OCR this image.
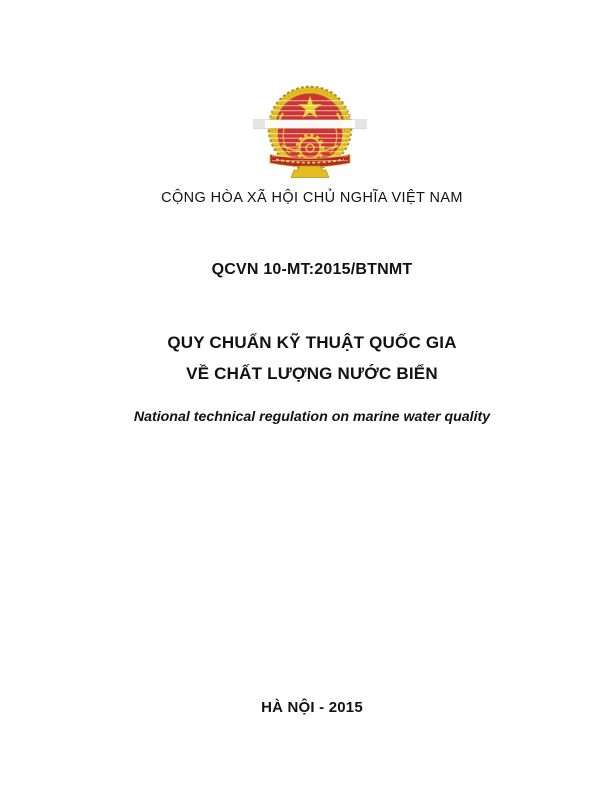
CỘNG HÒA XÃ HỘI CHỦ NGHĨA VIỆT NAM
QCVN 10-MT:2015/BTNMT
QUY CHUẨN KỸ THUẬT QUỐC GIA
VỀ CHẤT LƯỢNG NƯỚC BIỂN
National technical regulation on marine water quality
HÀ NỘI - 2015
